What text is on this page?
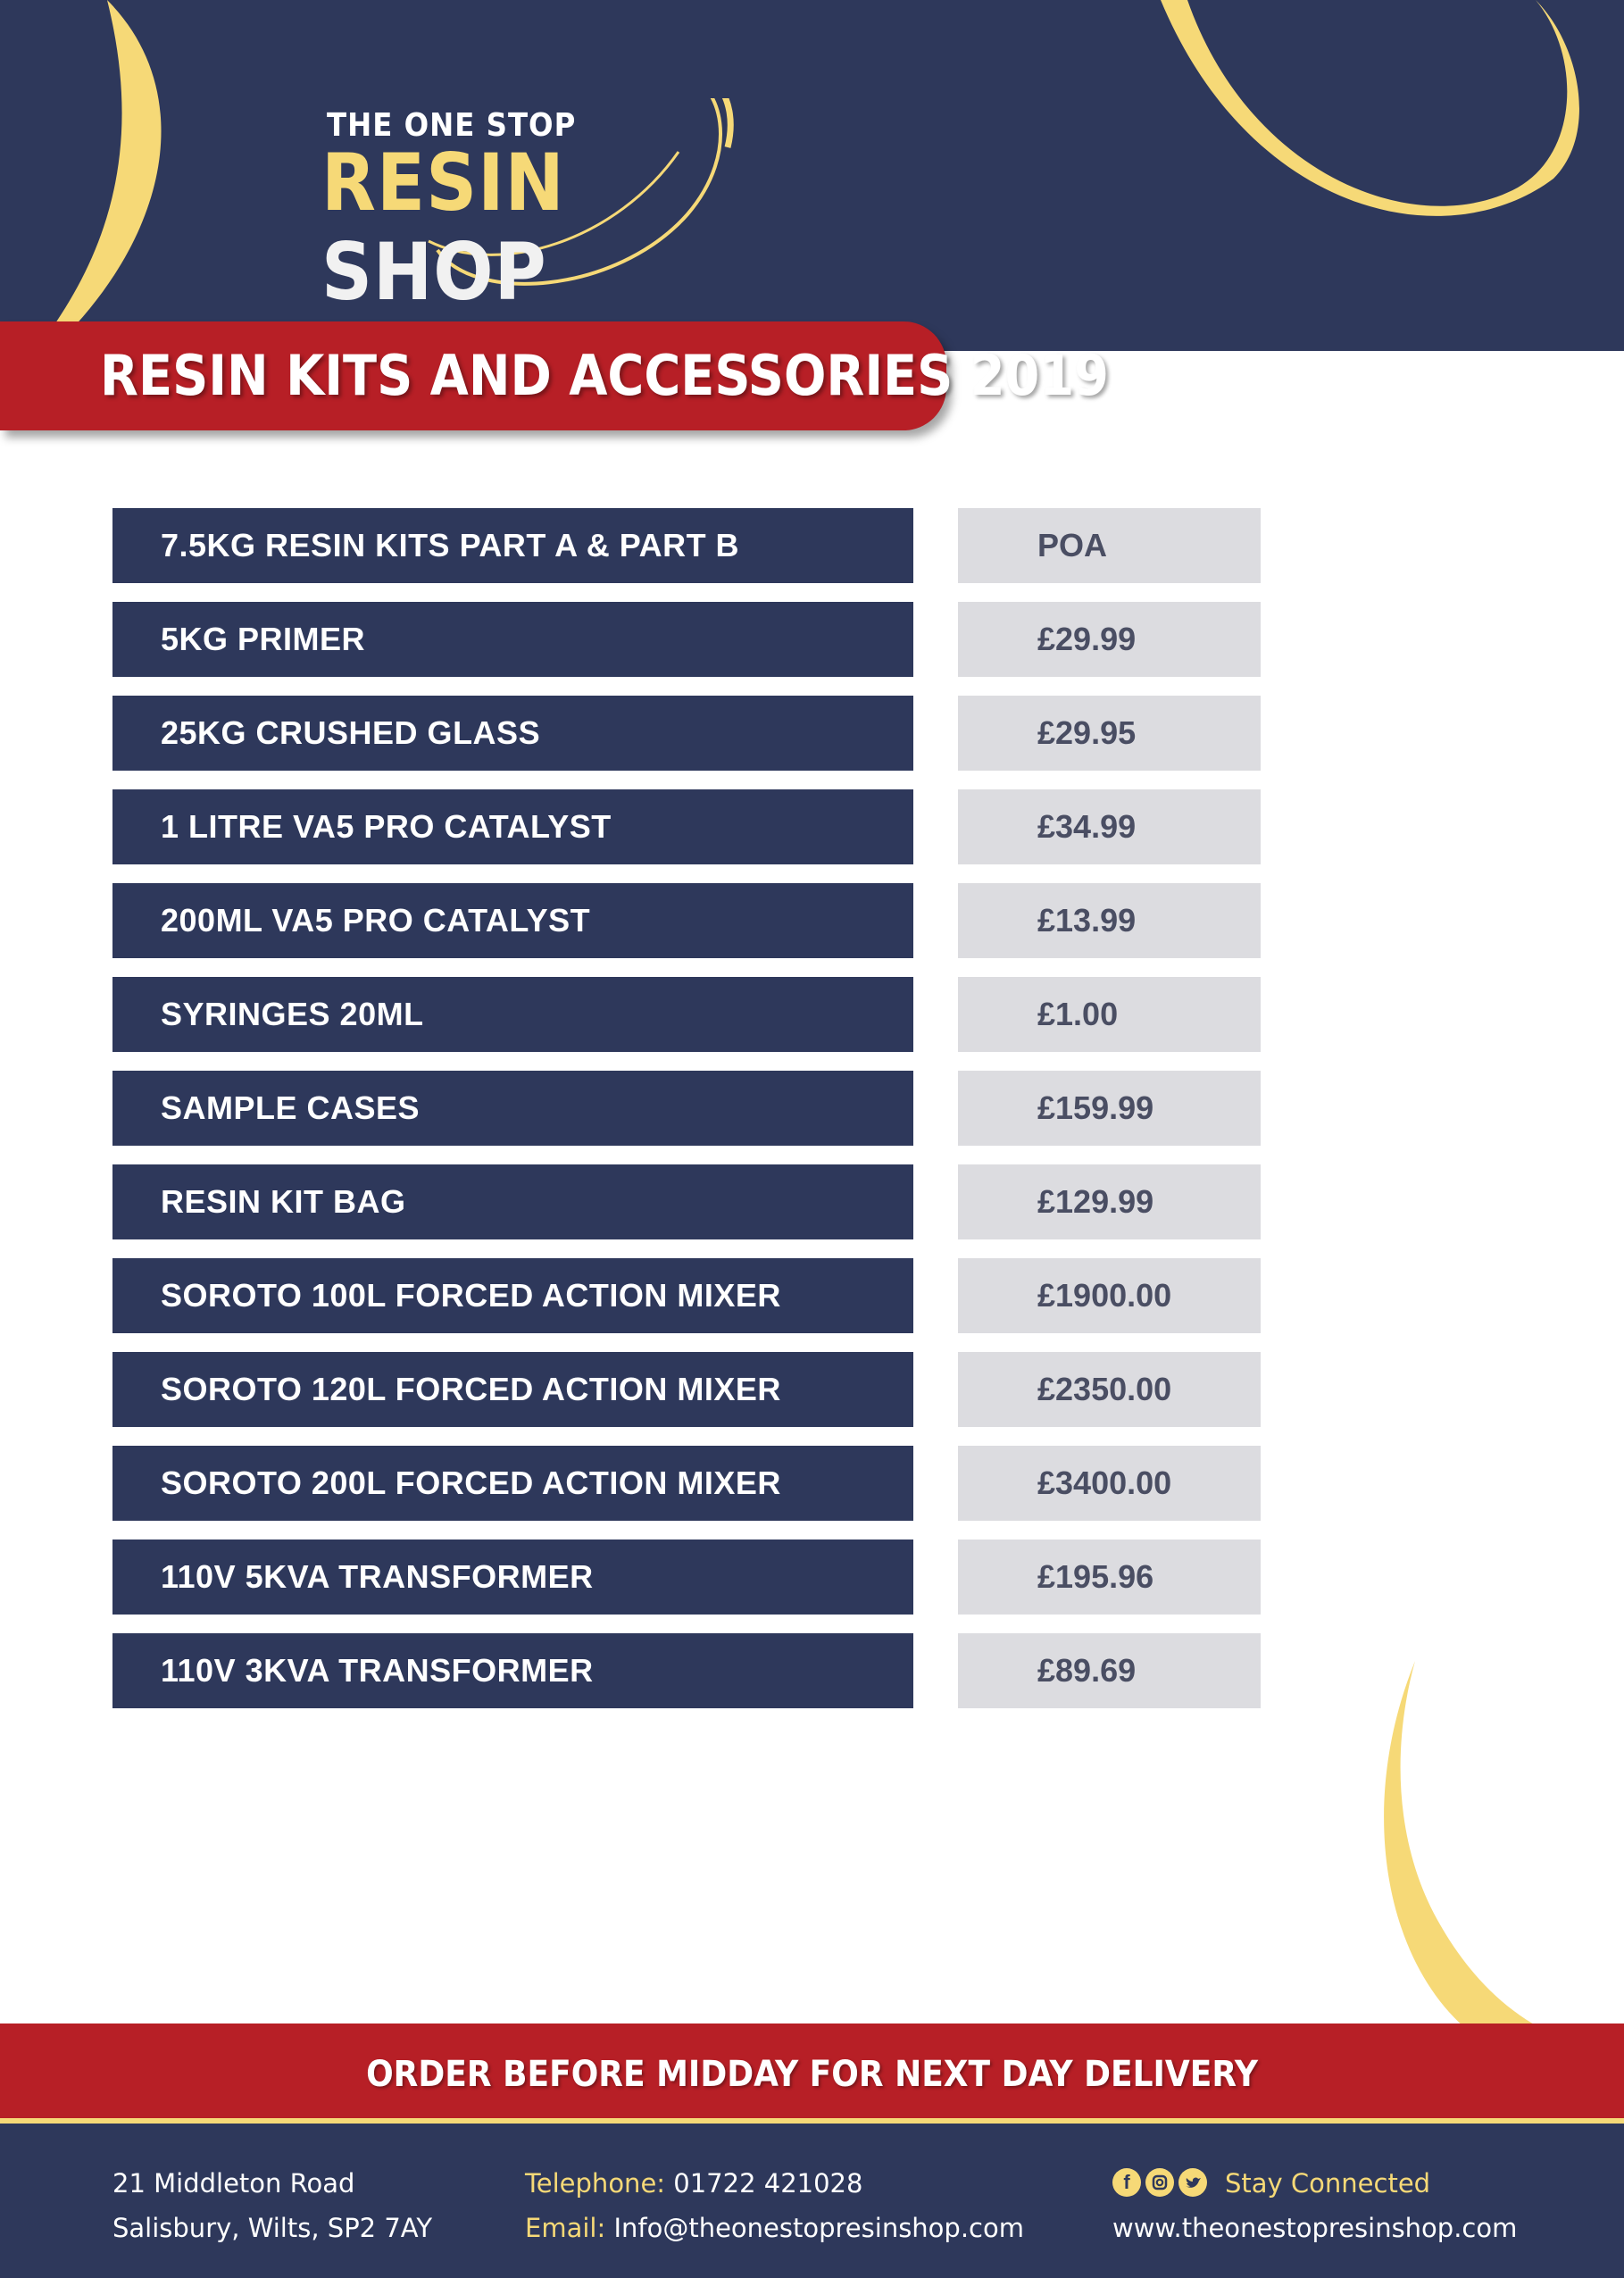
THE ONE STOP
RESIN SHOP
RESIN KITS AND ACCESSORIES 2019
7.5KG RESIN KITS PART A & PART B	POA
5KG PRIMER	£29.99
25KG CRUSHED GLASS	£29.95
1 LITRE VA5 PRO CATALYST	£34.99
200ML VA5 PRO CATALYST	£13.99
SYRINGES 20ML	£1.00
SAMPLE CASES	£159.99
RESIN KIT BAG	£129.99
SOROTO 100L FORCED ACTION MIXER	£1900.00
SOROTO 120L FORCED ACTION MIXER	£2350.00
SOROTO 200L FORCED ACTION MIXER	£3400.00
110V 5KVA TRANSFORMER	£195.96
110V 3KVA TRANSFORMER	£89.69
ORDER BEFORE MIDDAY FOR NEXT DAY DELIVERY
21 Middleton Road
Salisbury, Wilts, SP2 7AY
Telephone: 01722 421028
Email: Info@theonestopresinshop.com
f	Stay Connected
www.theonestopresinshop.com
